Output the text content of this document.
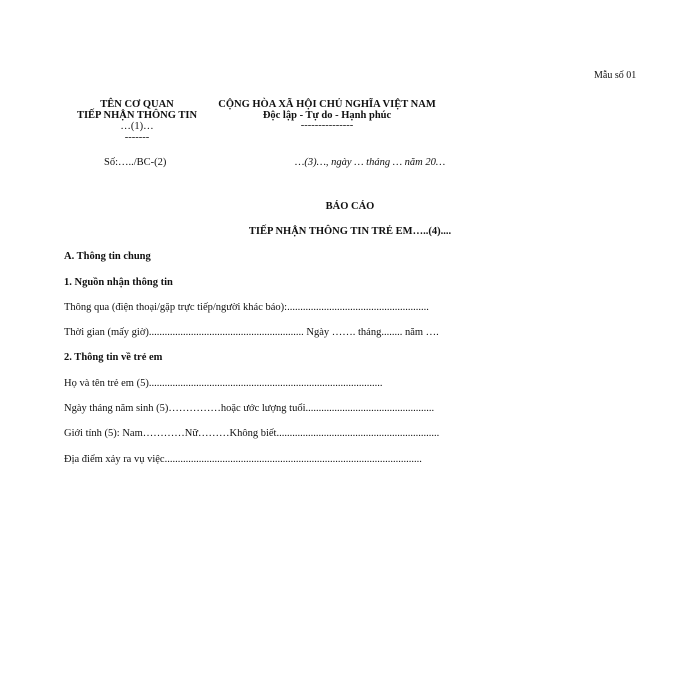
Mẫu số 01
TÊN CƠ QUAN
TIẾP NHẬN THÔNG TIN
…(1)…
-------
Số:…../BC-(2)
CỘNG HÒA XÃ HỘI CHỦ NGHĨA VIỆT NAM
Độc lập - Tự do - Hạnh phúc
---------------
…(3)…, ngày … tháng … năm 20…
BÁO CÁO
TIẾP NHẬN THÔNG TIN TRẺ EM…..(4)....
A. Thông tin chung
1. Nguồn nhận thông tin
Thông qua (điện thoại/gặp trực tiếp/người khác báo):......................................................
Thời gian (mấy giờ)........................................................... Ngày ……. tháng........ năm ….
2. Thông tin về trẻ em
Họ và tên trẻ em (5).........................................................................................
Ngày tháng năm sinh (5)……………hoặc ước lượng tuổi.................................................
Giới tính (5): Nam…………Nữ………Không biết..............................................................
Địa điểm xảy ra vụ việc..................................................................................................
